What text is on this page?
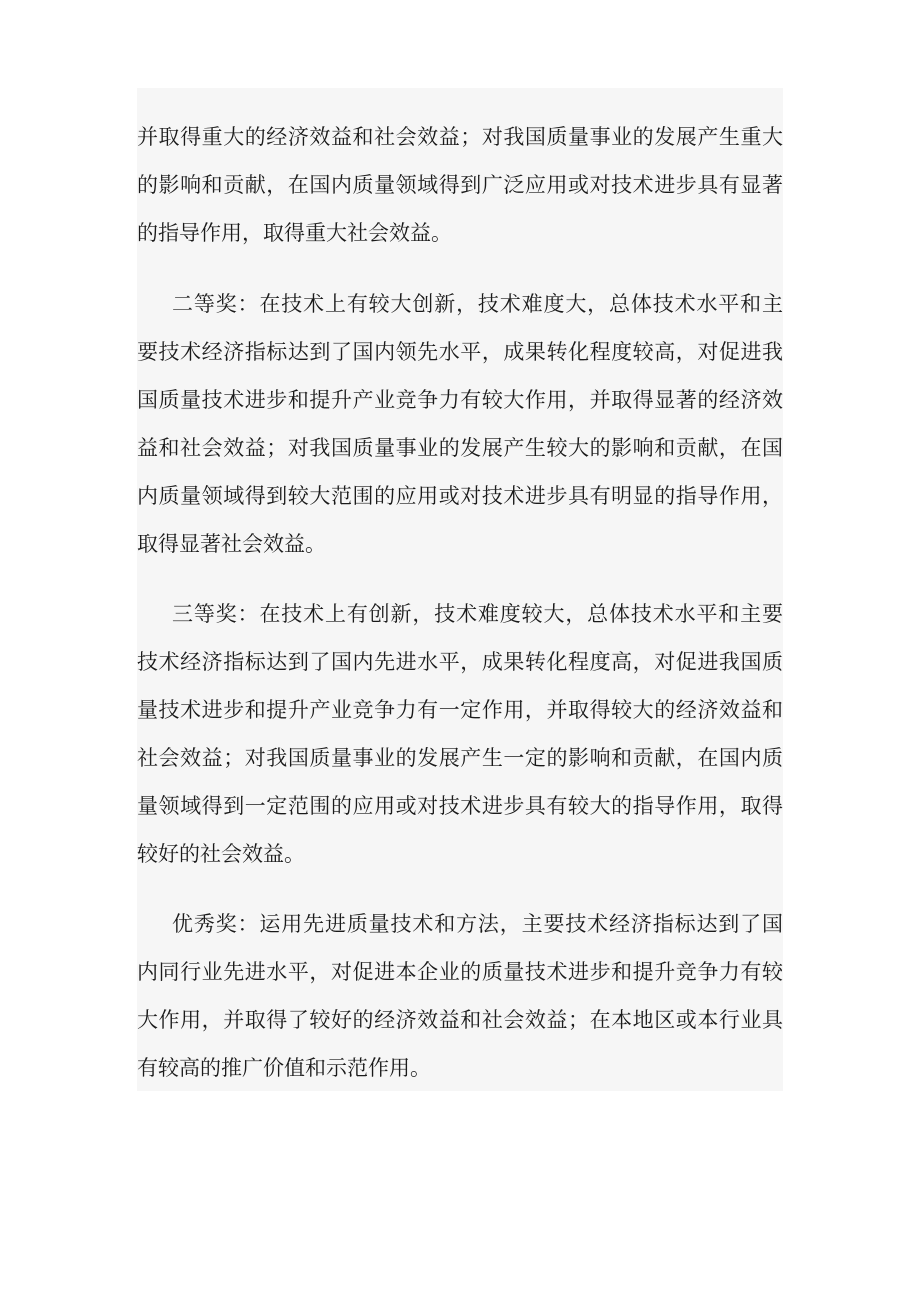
并取得重大的经济效益和社会效益；对我国质量事业的发展产生重大
的影响和贡献，在国内质量领域得到广泛应用或对技术进步具有显著
的指导作用，取得重大社会效益。
二等奖：在技术上有较大创新，技术难度大，总体技术水平和主
要技术经济指标达到了国内领先水平，成果转化程度较高，对促进我
国质量技术进步和提升产业竞争力有较大作用，并取得显著的经济效
益和社会效益；对我国质量事业的发展产生较大的影响和贡献，在国
内质量领域得到较大范围的应用或对技术进步具有明显的指导作用，
取得显著社会效益。
三等奖：在技术上有创新，技术难度较大，总体技术水平和主要
技术经济指标达到了国内先进水平，成果转化程度高，对促进我国质
量技术进步和提升产业竞争力有一定作用，并取得较大的经济效益和
社会效益；对我国质量事业的发展产生一定的影响和贡献，在国内质
量领域得到一定范围的应用或对技术进步具有较大的指导作用，取得
较好的社会效益。
优秀奖：运用先进质量技术和方法，主要技术经济指标达到了国
内同行业先进水平，对促进本企业的质量技术进步和提升竞争力有较
大作用，并取得了较好的经济效益和社会效益；在本地区或本行业具
有较高的推广价值和示范作用。
